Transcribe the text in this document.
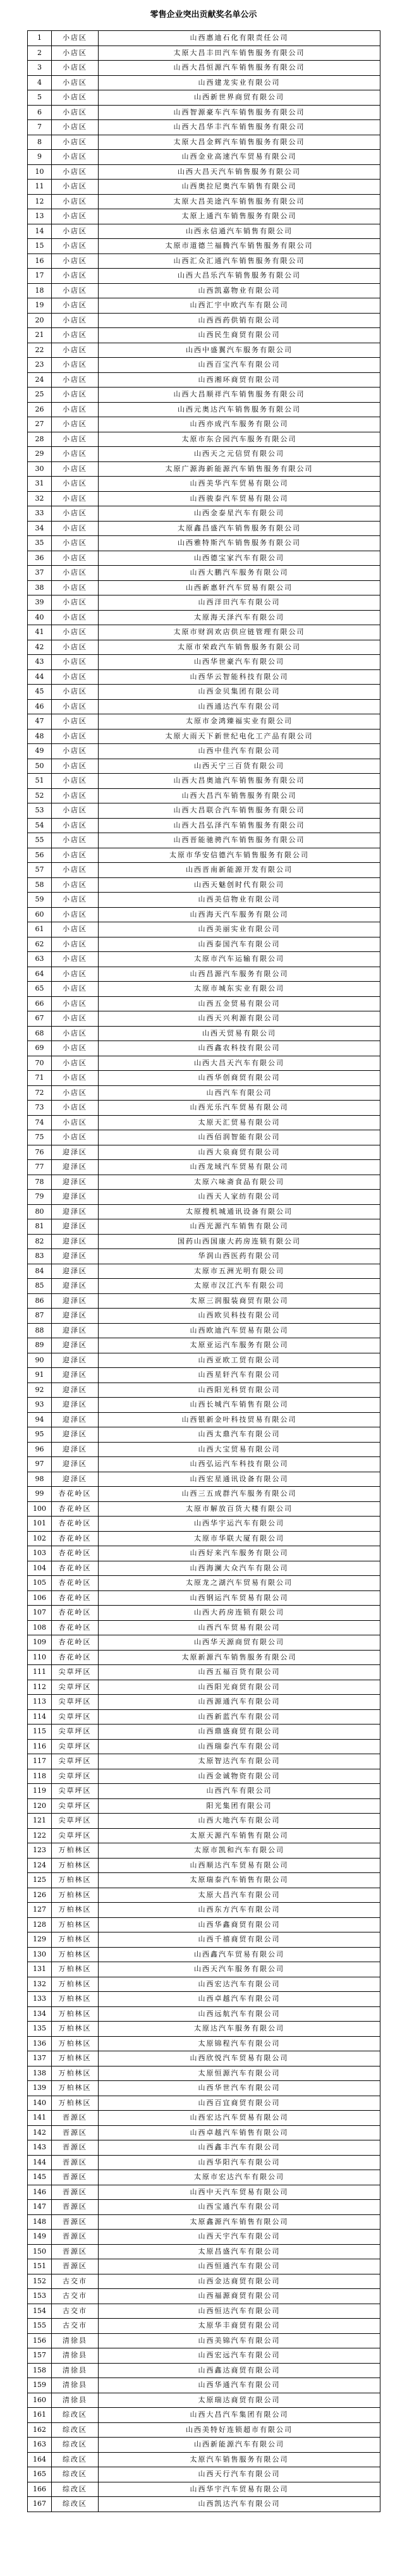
零售企业突出贡献奖名单公示
1	小店区	山西惠迪石化有限责任公司
2	小店区	太原大昌丰田汽车销售服务有限公司
3	小店区	山西大昌恒源汽车销售服务有限公司
4	小店区	山西建龙实业有限公司
5	小店区	山西新世界商贸有限公司
6	小店区	山西智源豪车汽车销售服务有限公司
7	小店区	山西大昌华丰汽车销售服务有限公司
8	小店区	太原大昌金辉汽车销售服务有限公司
9	小店区	山西金业高速汽车贸易有限公司
10	小店区	山西大昌天汽车销售服务有限公司
11	小店区	山西奥拉尼奥汽车销售有限公司
12	小店区	太原大昌美途汽车销售服务有限公司
13	小店区	太原上通汽车销售服务有限公司
14	小店区	山西永信通汽车销售有限公司
15	小店区	太原市道德兰福腾汽车销售服务有限公司
16	小店区	山西汇众汇通汽车销售服务有限公司
17	小店区	山西大昌乐汽车销售服务有限公司
18	小店区	山西凯嘉物业有限公司
19	小店区	山西汇宇中欧汽车有限公司
20	小店区	山西西药供销有限公司
21	小店区	山西民生商贸有限公司
22	小店区	山西中盛翼汽车服务有限公司
23	小店区	山西百宝汽车有限公司
24	小店区	山西湘环商贸有限公司
25	小店区	山西大昌顺祥汽车销售服务有限公司
26	小店区	山西元奥达汽车销售服务有限公司
27	小店区	山西亦成汽车服务有限公司
28	小店区	太原市东合园汽车服务有限公司
29	小店区	山西天之元信贸有限公司
30	小店区	太原广源海新能源汽车销售服务有限公司
31	小店区	山西美华汽车贸易有限公司
32	小店区	山西骏泰汽车贸易有限公司
33	小店区	山西金泰星汽车有限公司
34	小店区	太原鑫昌盛汽车销售服务有限公司
35	小店区	山西雅特斯汽车销售服务有限公司
36	小店区	山西德宝家汽车有限公司
37	小店区	山西大鹏汽车服务有限公司
38	小店区	山西新惠轩汽车贸易有限公司
39	小店区	山西洋田汽车有限公司
40	小店区	太原海天泽汽车有限公司
41	小店区	太原市财润欢店供应链管理有限公司
42	小店区	太原市荣政汽车销售服务有限公司
43	小店区	山西华世豪汽车有限公司
44	小店区	山西华云智能科技有限公司
45	小店区	山西金贝集团有限公司
46	小店区	山西通达汽车有限公司
47	小店区	太原市金鸿臻福实业有限公司
48	小店区	太原大雨天下新世纪电化工产品有限公司
49	小店区	山西中佳汽车有限公司
50	小店区	山西天宁三百货有限公司
51	小店区	山西大昌奥迪汽车销售服务有限公司
52	小店区	山西大昌汽车销售服务有限公司
53	小店区	山西大昌联合汽车销售服务有限公司
54	小店区	山西大昌弘泽汽车销售服务有限公司
55	小店区	山西晋能驰骋汽车销售服务有限公司
56	小店区	太原市华安信德汽车销售服务有限公司
57	小店区	山西晋南新能源开发有限公司
58	小店区	山西天魅创时代有限公司
59	小店区	山西美信物业有限公司
60	小店区	山西海天汽车服务有限公司
61	小店区	山西美丽实业有限公司
62	小店区	山西泰国汽车有限公司
63	小店区	太原市汽车运输有限公司
64	小店区	山西昌源汽车服务有限公司
65	小店区	太原市城东实业有限公司
66	小店区	山西五金贸易有限公司
67	小店区	山西天兴利源有限公司
68	小店区	山西天贸易有限公司
69	小店区	山西鑫农科技有限公司
70	小店区	山西大昌天汽车有限公司
71	小店区	山西华创商贸有限公司
72	小店区	山西汽车有限公司
73	小店区	山西光乐汽车贸易有限公司
74	小店区	太原天汇贸易有限公司
75	小店区	山西佰润智能有限公司
76	迎泽区	山西大泉商贸有限公司
77	迎泽区	山西龙域汽车贸易有限公司
78	迎泽区	太原六味斋食品有限公司
79	迎泽区	山西天人家纺有限公司
80	迎泽区	太原搜机城通讯设备有限公司
81	迎泽区	山西光源汽车销售有限公司
82	迎泽区	国药山西国康大药房连锁有限公司
83	迎泽区	华润山西医药有限公司
84	迎泽区	太原市五洲光明有限公司
85	迎泽区	太原市汉江汽车有限公司
86	迎泽区	太原三润服装商贸有限公司
87	迎泽区	山西欧贝科技有限公司
88	迎泽区	山西欧迪汽车贸易有限公司
89	迎泽区	太原亚运汽车服务有限公司
90	迎泽区	山西亚欧工贸有限公司
91	迎泽区	山西星轩汽车有限公司
92	迎泽区	山西阳光科贸有限公司
93	迎泽区	山西长城汽车销售有限公司
94	迎泽区	山西银新金叶科技贸易有限公司
95	迎泽区	山西太鼎汽车有限公司
96	迎泽区	山西大宝贸易有限公司
97	迎泽区	山西弘运汽车科技有限公司
98	迎泽区	山西宏星通讯设备有限公司
99	杏花岭区	山西三五成群汽车服务有限公司
100	杏花岭区	太原市解放百货大楼有限公司
101	杏花岭区	山西华宇运汽车有限公司
102	杏花岭区	太原市华联大厦有限公司
103	杏花岭区	山西好来汽车服务有限公司
104	杏花岭区	山西海澜大众汽车有限公司
105	杏花岭区	太原龙之湖汽车贸易有限公司
106	杏花岭区	山西钢运汽车贸易有限公司
107	杏花岭区	山西大药房连锁有限公司
108	杏花岭区	山西汽车贸易有限公司
109	杏花岭区	山西华天源商贸有限公司
110	杏花岭区	太原新源汽车销售服务有限公司
111	尖草坪区	山西五福百货有限公司
112	尖草坪区	山西阳光商贸有限公司
113	尖草坪区	山西源通汽车有限公司
114	尖草坪区	山西新蓝汽车有限公司
115	尖草坪区	山西鼎盛商贸有限公司
116	尖草坪区	山西瑞泰汽车有限公司
117	尖草坪区	太原智达汽车有限公司
118	尖草坪区	山西金诚物资有限公司
119	尖草坪区	山西汽车有限公司
120	尖草坪区	阳光集团有限公司
121	尖草坪区	山西大地汽车有限公司
122	尖草坪区	太原天源汽车销售有限公司
123	万柏林区	太原市凯和汽车有限公司
124	万柏林区	山西顺达汽车贸易有限公司
125	万柏林区	太原瑞泰汽车销售有限公司
126	万柏林区	太原大昌汽车有限公司
127	万柏林区	山西东方汽车有限公司
128	万柏林区	山西华鑫商贸有限公司
129	万柏林区	山西千禧商贸有限公司
130	万柏林区	山西鑫汽车贸易有限公司
131	万柏林区	山西天汽车服务有限公司
132	万柏林区	山西宏达汽车有限公司
133	万柏林区	山西卓越汽车有限公司
134	万柏林区	山西远航汽车有限公司
135	万柏林区	太原达汽车服务有限公司
136	万柏林区	太原锦程汽车有限公司
137	万柏林区	山西欣悦汽车贸易有限公司
138	万柏林区	太原恒源汽车有限公司
139	万柏林区	山西华世汽车有限公司
140	万柏林区	山西百宜商贸有限公司
141	晋源区	山西宏达汽车贸易有限公司
142	晋源区	山西卓越汽车销售有限公司
143	晋源区	山西鑫丰汽车有限公司
144	晋源区	山西华阳汽车有限公司
145	晋源区	太原市宏达汽车有限公司
146	晋源区	山西中天汽车贸易有限公司
147	晋源区	山西宝通汽车有限公司
148	晋源区	太原鑫源汽车销售有限公司
149	晋源区	山西天宇汽车有限公司
150	晋源区	太原昌盛汽车有限公司
151	晋源区	山西恒通汽车有限公司
152	古交市	山西金达商贸有限公司
153	古交市	山西福源商贸有限公司
154	古交市	山西恒达汽车有限公司
155	古交市	太原华丰商贸有限公司
156	清徐县	山西美锦汽车有限公司
157	清徐县	山西宏远汽车有限公司
158	清徐县	山西鑫达商贸有限公司
159	清徐县	山西华通汽车有限公司
160	清徐县	太原瑞达商贸有限公司
161	综改区	山西大昌汽车集团有限公司
162	综改区	山西美特好连锁超市有限公司
163	综改区	山西新能源汽车有限公司
164	综改区	太原汽车销售服务有限公司
165	综改区	山西天行汽车有限公司
166	综改区	山西华宇汽车贸易有限公司
167	综改区	山西凯达汽车有限公司
